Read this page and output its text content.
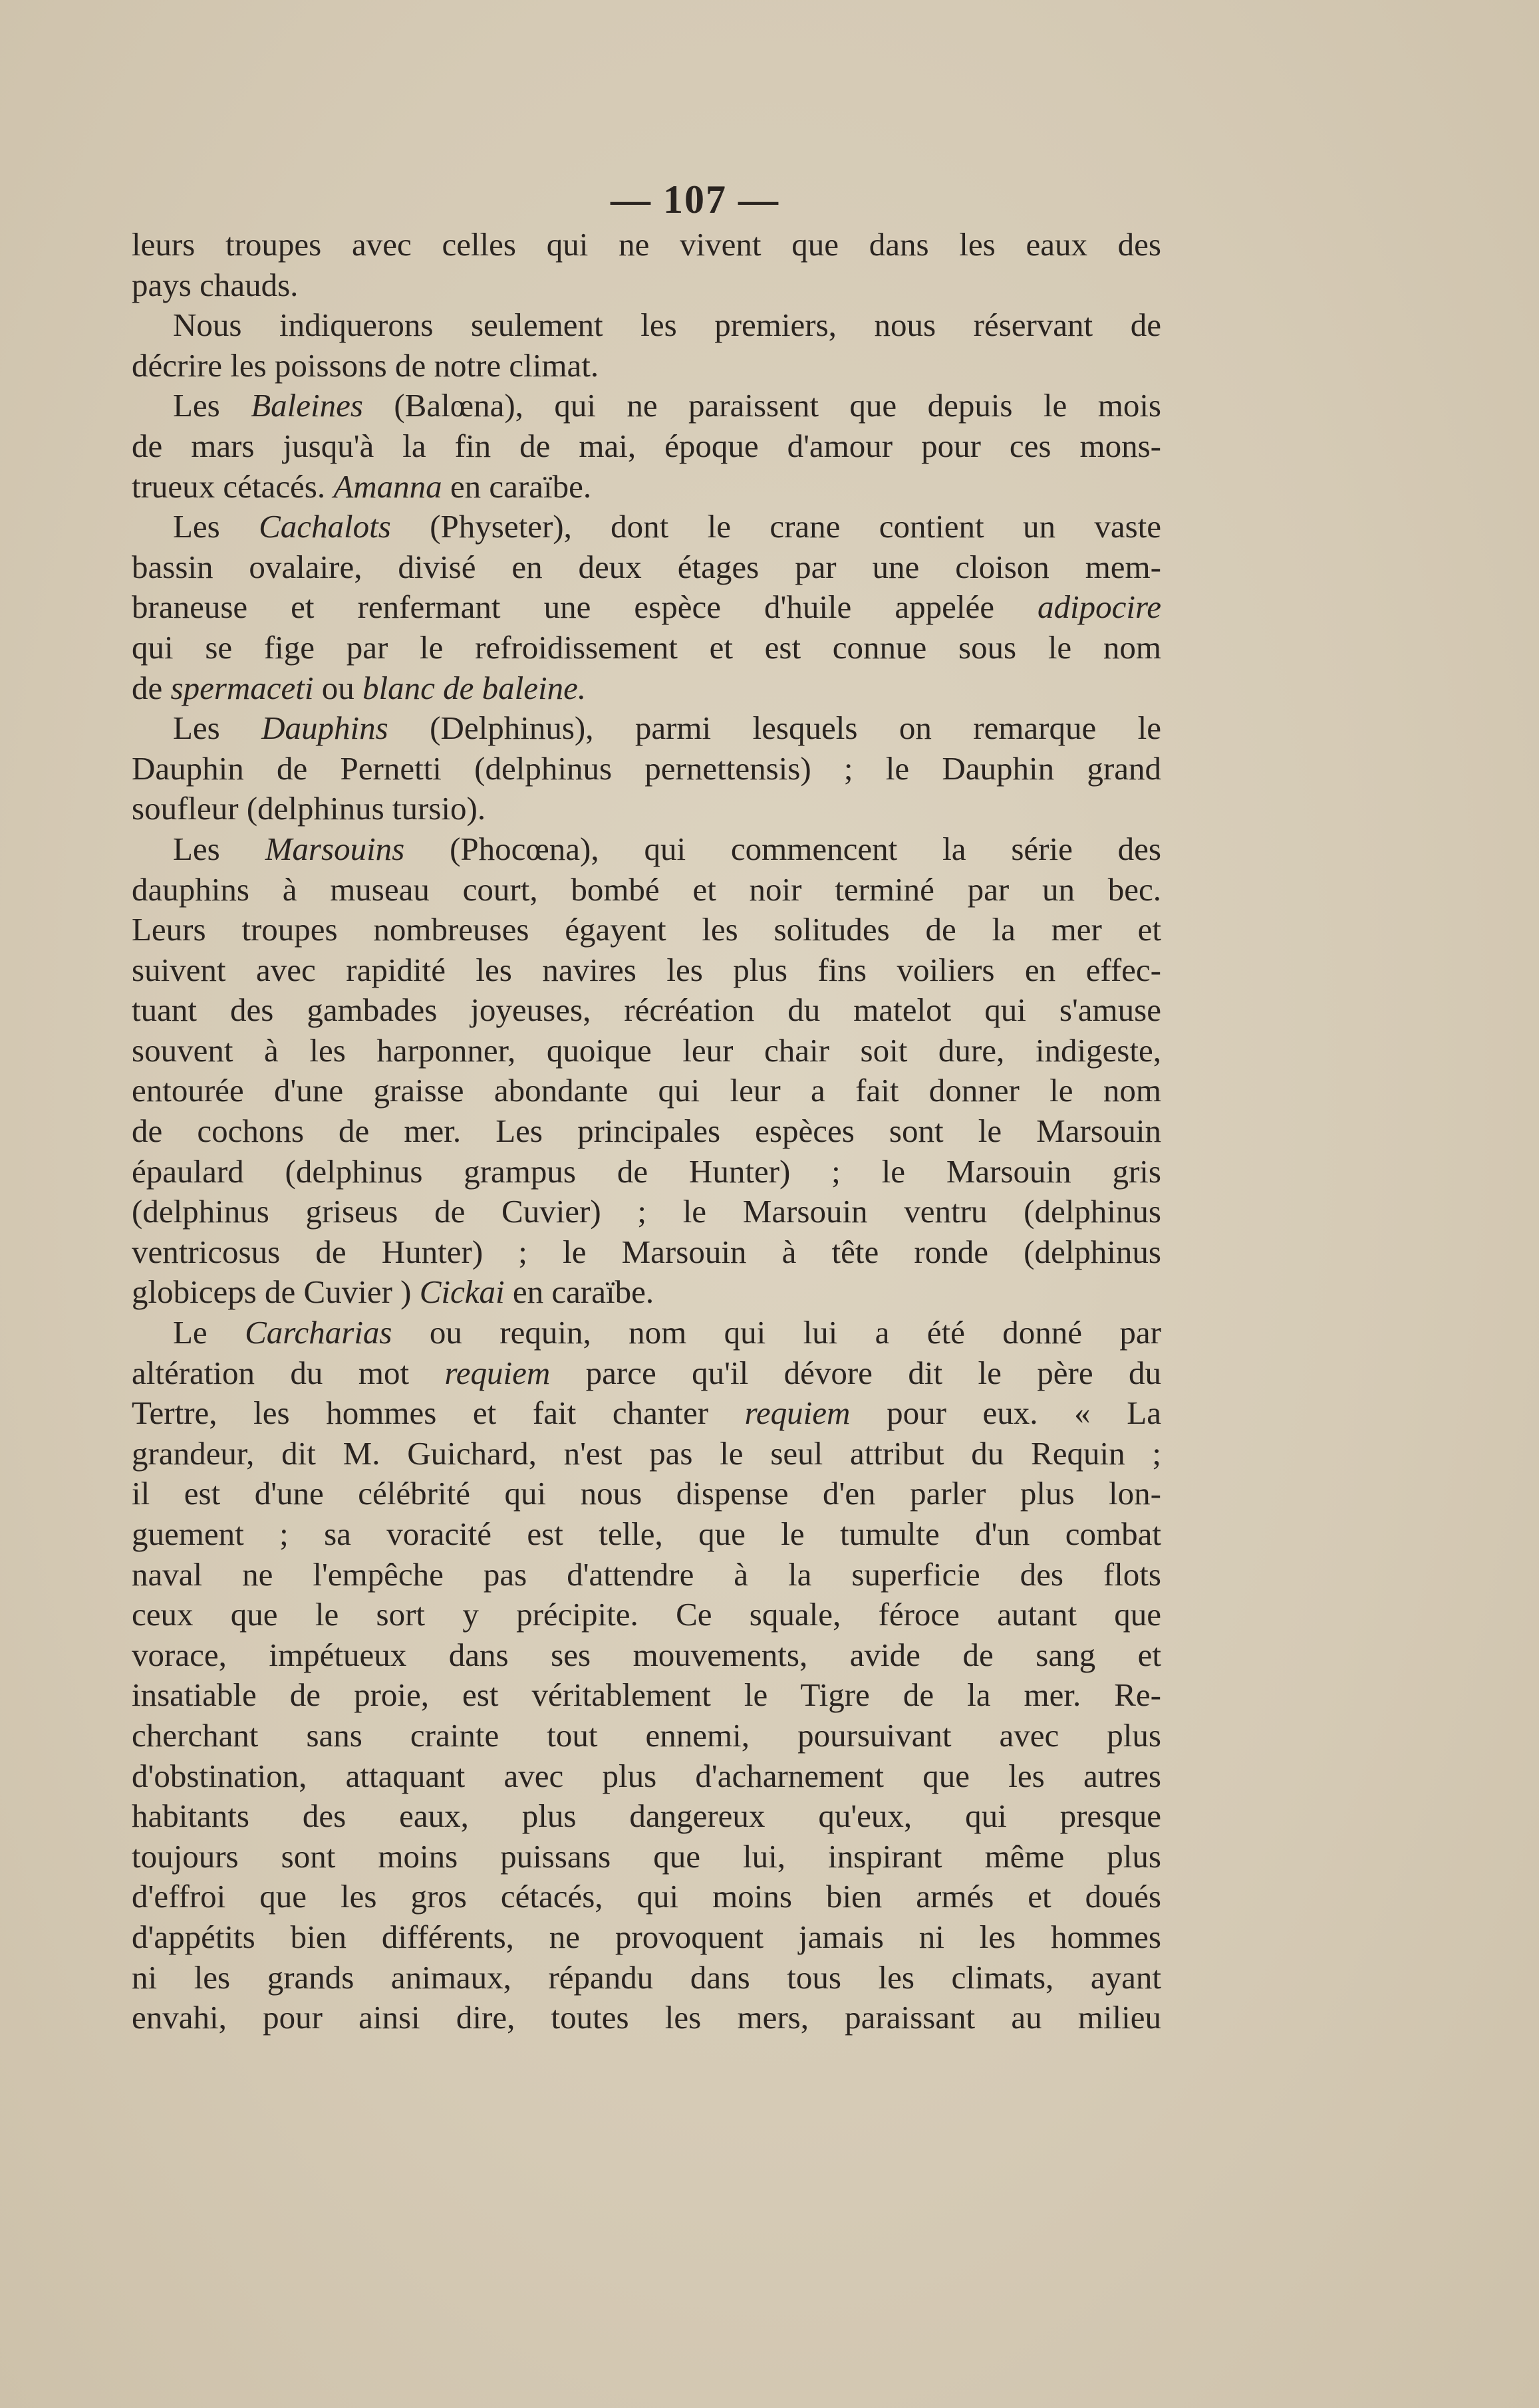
— 107 —
leurs troupes avec celles qui ne vivent que dans les eaux des
pays chauds.
Nous indiquerons seulement les premiers, nous réservant de
décrire les poissons de notre climat.
Les Baleines (Balœna), qui ne paraissent que depuis le mois
de mars jusqu'à la fin de mai, époque d'amour pour ces mons-
trueux cétacés. Amanna en caraïbe.
Les Cachalots (Physeter), dont le crane contient un vaste
bassin ovalaire, divisé en deux étages par une cloison mem-
braneuse et renfermant une espèce d'huile appelée adipocire
qui se fige par le refroidissement et est connue sous le nom
de spermaceti ou blanc de baleine.
Les Dauphins (Delphinus), parmi lesquels on remarque le
Dauphin de Pernetti (delphinus pernettensis) ; le Dauphin grand
soufleur (delphinus tursio).
Les Marsouins (Phocœna), qui commencent la série des
dauphins à museau court, bombé et noir terminé par un bec.
Leurs troupes nombreuses égayent les solitudes de la mer et
suivent avec rapidité les navires les plus fins voiliers en effec-
tuant des gambades joyeuses, récréation du matelot qui s'amuse
souvent à les harponner, quoique leur chair soit dure, indigeste,
entourée d'une graisse abondante qui leur a fait donner le nom
de cochons de mer. Les principales espèces sont le Marsouin
épaulard (delphinus grampus de Hunter) ; le Marsouin gris
(delphinus griseus de Cuvier) ; le Marsouin ventru (delphinus
ventricosus de Hunter) ; le Marsouin à tête ronde (delphinus
globiceps de Cuvier ) Cickai en caraïbe.
Le Carcharias ou requin, nom qui lui a été donné par
altération du mot requiem parce qu'il dévore dit le père du
Tertre, les hommes et fait chanter requiem pour eux. « La
grandeur, dit M. Guichard, n'est pas le seul attribut du Requin ;
il est d'une célébrité qui nous dispense d'en parler plus lon-
guement ; sa voracité est telle, que le tumulte d'un combat
naval ne l'empêche pas d'attendre à la superficie des flots
ceux que le sort y précipite. Ce squale, féroce autant que
vorace, impétueux dans ses mouvements, avide de sang et
insatiable de proie, est véritablement le Tigre de la mer. Re-
cherchant sans crainte tout ennemi, poursuivant avec plus
d'obstination, attaquant avec plus d'acharnement que les autres
habitants des eaux, plus dangereux qu'eux, qui presque
toujours sont moins puissans que lui, inspirant même plus
d'effroi que les gros cétacés, qui moins bien armés et doués
d'appétits bien différents, ne provoquent jamais ni les hommes
ni les grands animaux, répandu dans tous les climats, ayant
envahi, pour ainsi dire, toutes les mers, paraissant au milieu
